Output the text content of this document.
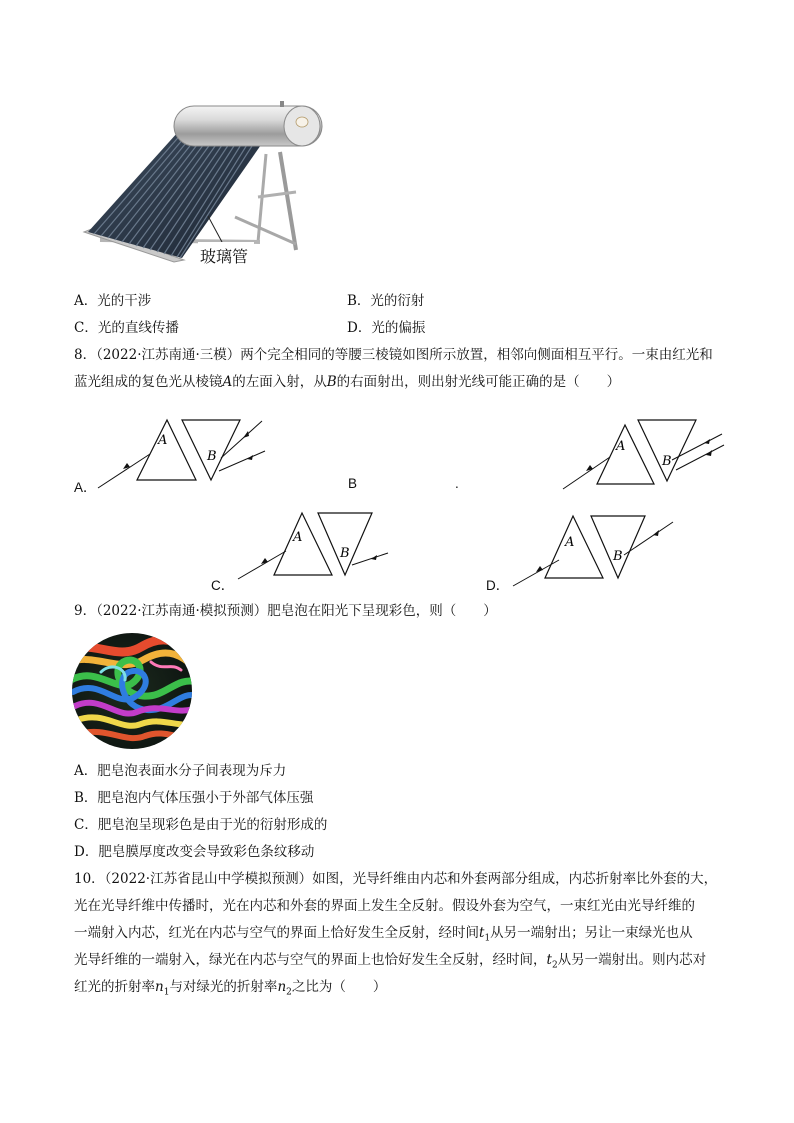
玻璃管
A．光的干涉	B．光的衍射
C．光的直线传播	D．光的偏振
8．（2022·江苏南通·三模）两个完全相同的等腰三棱镜如图所示放置，相邻向侧面相互平行。一束由红光和
蓝光组成的复色光从棱镜A的左面入射，从B的右面射出，则出射光线可能正确的是（　　）
A．
A
B
B	.
A
B
A
B
C．
A
B
D．
9．（2022·江苏南通·模拟预测）肥皂泡在阳光下呈现彩色，则（　　）
A．肥皂泡表面水分子间表现为斥力
B．肥皂泡内气体压强小于外部气体压强
C．肥皂泡呈现彩色是由于光的衍射形成的
D．肥皂膜厚度改变会导致彩色条纹移动
10．（2022·江苏省昆山中学模拟预测）如图，光导纤维由内芯和外套两部分组成，内芯折射率比外套的大，
光在光导纤维中传播时，光在内芯和外套的界面上发生全反射。假设外套为空气，一束红光由光导纤维的
一端射入内芯，红光在内芯与空气的界面上恰好发生全反射，经时间$t_1$从另一端射出；另让一束绿光也从
光导纤维的一端射入，绿光在内芯与空气的界面上也恰好发生全反射，经时间，$t_2$从另一端射出。则内芯对
红光的折射率$n_1$与对绿光的折射率$n_2$之比为（　　）
